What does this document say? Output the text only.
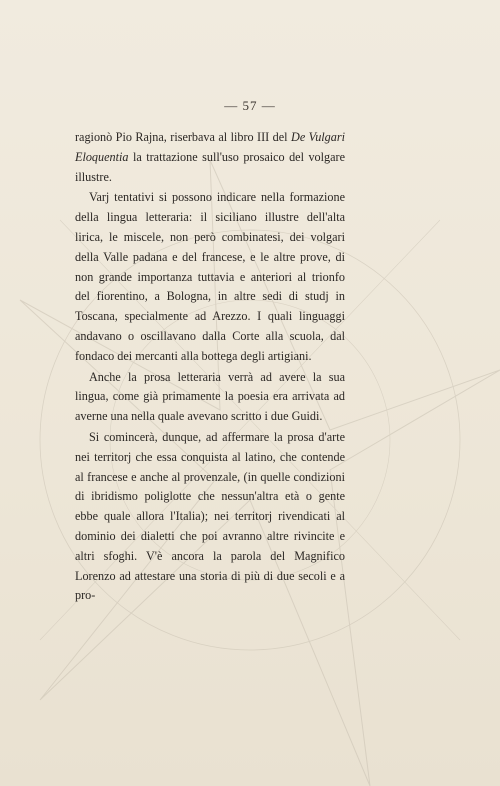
— 57 —

ragionò Pio Rajna, riserbava al libro III del De Vulgari Eloquentia la trattazione sull'uso prosaico del volgare illustre.

Varj tentativi si possono indicare nella formazione della lingua letteraria: il siciliano illustre dell'alta lirica, le miscele, non però combinatesi, dei volgari della Valle padana e del francese, e le altre prove, di non grande importanza tuttavia e anteriori al trionfo del fiorentino, a Bologna, in altre sedi di studj in Toscana, specialmente ad Arezzo. I quali linguaggi andavano o oscillavano dalla Corte alla scuola, dal fondaco dei mercanti alla bottega degli artigiani.

Anche la prosa letteraria verrà ad avere la sua lingua, come già primamente la poesia era arrivata ad averne una nella quale avevano scritto i due Guidi.

Si comincerà, dunque, ad affermare la prosa d'arte nei territorj che essa conquista al latino, che contende al francese e anche al provenzale, (in quelle condizioni di ibridismo poliglotte che nessun'altra età o gente ebbe quale allora l'Italia); nei territorj rivendicati al dominio dei dialetti che poi avranno altre rivincite e altri sfoghi. V'è ancora la parola del Magnifico Lorenzo ad attestare una storia di più di due secoli e a pro-
